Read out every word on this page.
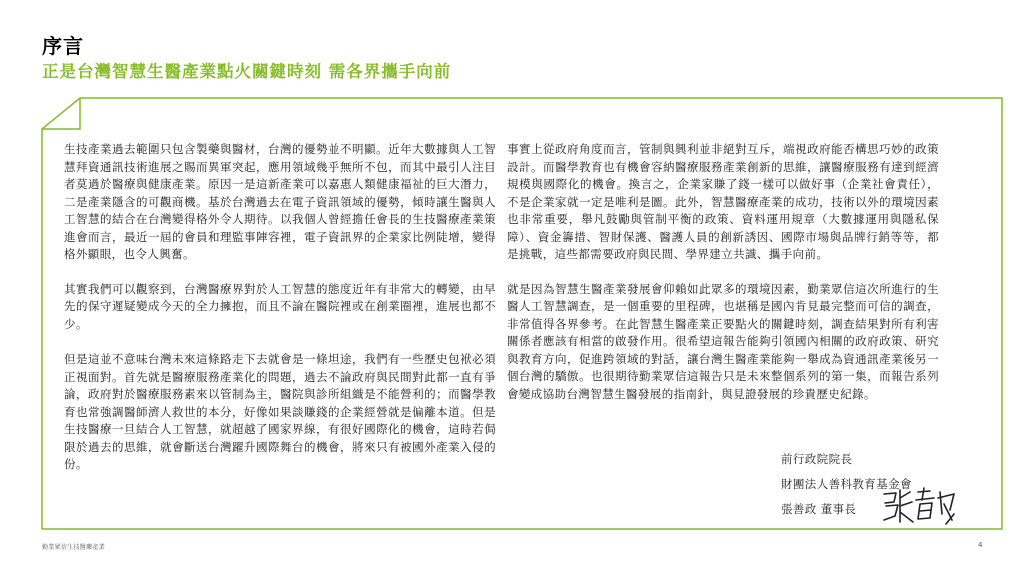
序言
正是台灣智慧生醫產業點火關鍵時刻 需各界攜手向前

生技產業過去範圍只包含製藥與醫材，台灣的優勢並不明顯。近年大數據與人工智慧拜資通訊技術進展之賜而異軍突起，應用領域幾乎無所不包，而其中最引人注目者莫過於醫療與健康產業。原因一是這新產業可以嘉惠人類健康福祉的巨大潛力，二是產業隱含的可觀商機。基於台灣過去在電子資訊領域的優勢，傾時讓生醫與人工智慧的結合在台灣變得格外令人期待。以我個人曾經擔任會長的生技醫療產業策進會而言，最近一屆的會員和理監事陣容裡，電子資訊界的企業家比例陡增，變得格外顯眼，也令人興奮。

其實我們可以觀察到，台灣醫療界對於人工智慧的態度近年有非常大的轉變，由早先的保守遲疑變成今天的全力擁抱，而且不論在醫院裡或在創業圈裡，進展也都不少。

但是這並不意味台灣未來這條路走下去就會是一條坦途，我們有一些歷史包袱必須正視面對。首先就是醫療服務產業化的問題，過去不論政府與民間對此都一直有爭論，政府對於醫療服務素來以管制為主，醫院與診所組織是不能營利的；而醫學教育也常強調醫師濟人救世的本分，好像如果談賺錢的企業經營就是偏離本道。但是生技醫療一旦結合人工智慧，就超越了國家界線，有很好國際化的機會，這時若侷限於過去的思維，就會斷送台灣躍升國際舞台的機會，將來只有被國外產業入侵的份。

事實上從政府角度而言，管制與興利並非絕對互斥，端視政府能否構思巧妙的政策設計。而醫學教育也有機會容納醫療服務產業創新的思維，讓醫療服務有達到經濟規模與國際化的機會。換言之，企業家賺了錢一樣可以做好事（企業社會責任），不是企業家就一定是唯利是圖。此外，智慧醫療產業的成功，技術以外的環境因素也非常重要，舉凡鼓勵與管制平衡的政策、資料運用規章（大數據運用與隱私保障）、資金籌措、智財保護、醫護人員的創新誘因、國際市場與品牌行銷等等，都是挑戰，這些都需要政府與民間、學界建立共識、攜手向前。

就是因為智慧生醫產業發展會仰賴如此眾多的環境因素，勤業眾信這次所進行的生醫人工智慧調查，是一個重要的里程碑，也堪稱是國內肯見最完整而可信的調查，非常值得各界參考。在此智慧生醫產業正要點火的關鍵時刻，調查結果對所有利害關係者應該有相當的啟發作用。很希望這報告能夠引領國內相關的政府政策、研究與教育方向，促進跨領域的對話，讓台灣生醫產業能夠一舉成為資通訊產業後另一個台灣的驕傲。也很期待勤業眾信這報告只是未來整個系列的第一集，而報告系列會變成協助台灣智慧生醫發展的指南針，與見證發展的珍貴歷史紀錄。

前行政院院長
財團法人善科教育基金會
張善政 董事長
勤業眾信生技醫藥產業	4
